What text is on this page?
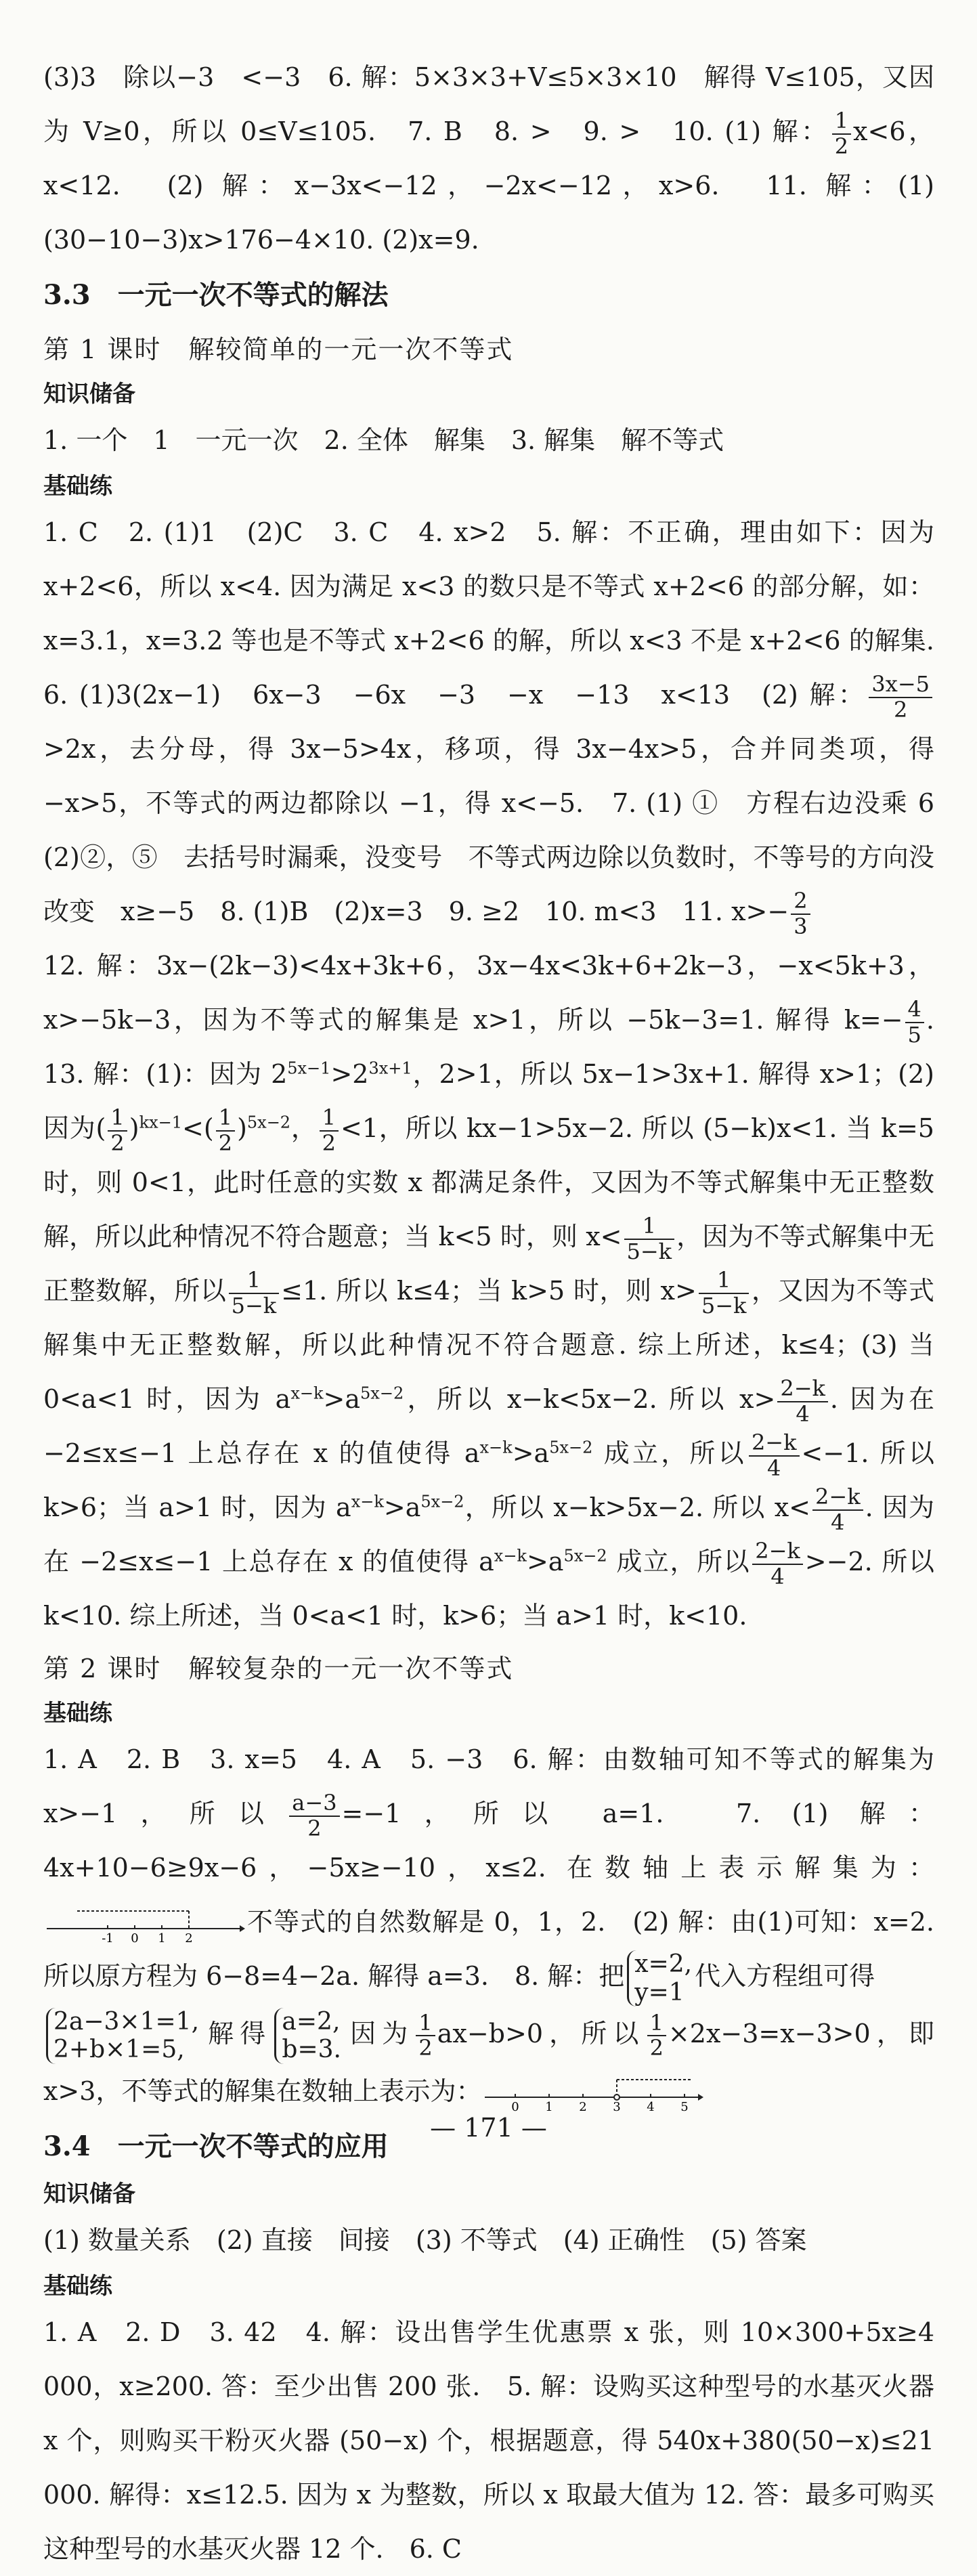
(3)3　除以−3　<−3　6. 解：5×3×3+V≤5×3×10　解得 V≤105，又因为 V≥0，所以 0≤V≤105.　7. B　8. >　9. >　10. (1) 解： $\frac{1}{2} x<6$，x<12.　(2) 解：x−3x<−12，−2x<−12，x>6.　11. 解：(1)(30−10−3)x>176−4×10. (2)x=9.

3.3　一元一次不等式的解法

第 1 课时　解较简单的一元一次不等式

知识储备

1. 一个　1　一元一次　2. 全体　解集　3. 解集　解不等式

基础练

1. C　2. (1)1　(2)C　3. C　4. x>2　5. 解：不正确，理由如下：因为 x+2<6，所以 x<4. 因为满足 x<3 的数只是不等式 x+2<6 的部分解，如：x=3.1，x=3.2 等也是不等式 x+2<6 的解，所以 x<3 不是 x+2<6 的解集.　6. (1)3(2x−1)　6x−3　−6x　−3　−x　−13　x<13　(2) 解： $\frac{3x-5}{2}$
>2x，去分母，得 3x−5>4x，移项，得 3x−4x>5，合并同类项，得 −x>5，不等式的两边都除以 −1，得 x<−5.　7. (1) ①　方程右边没乘 6　(2)②，⑤　去括号时漏乘，没变号　不等式两边除以负数时，不等号的方向没改变　x≥−5　8. (1)B　(2)x=3　9. ≥2　10. m<3　11. $x>- \frac{2}{3}$

12. 解：3x−(2k−3)<4x+3k+6，3x−4x<3k+6+2k−3，−x<5k+3，x>−5k−3，因为不等式的解集是 x>1，所以 −5k−3=1. 解得 $k=- \frac{4}{5}$ .　13. 解：(1)：因为 $2^{5x-1}>2^{3x+1}$，2>1，所以 5x−1>3x+1. 解得 x>1；(2) 因为( $\frac{1}{2} )^{kx-1}<( \frac{1}{2} )^{5x-2}$， $\frac{1}{2} <1$，所以 kx−1>5x−2. 所以 (5−k)x<1. 当 k=5 时，则 0<1，此时任意的实数 x 都满足条件，又因为不等式解集中无正整数解，所以此种情况不符合题意；当 k<5 时，则 $x< \frac{1}{5-k}$ ，因为不等式解集中无正整数解，所以 $\frac{1}{5-k} \le 1$. 所以 k≤4；当 k>5 时，则 $x> \frac{1}{5-k}$ ，又因为不等式解集中无正整数解，所以此种情况不符合题意. 综上所述，k≤4；(3) 当 0<a<1 时，因为 $a^{x-k}>a^{5x-2}$，所以 x−k<5x−2. 所以 $x> \frac{2-k}{4}$ . 因为在 −2≤x≤−1 上总存在 x 的值使得 $a^{x-k}>a^{5x-2}$ 成立，所以 $\frac{2-k}{4} <-1$. 所以 k>6；当 a>1 时，因为 $a^{x-k}>a^{5x-2}$，所以 x−k>5x−2. 所以 $x< \frac{2-k}{4}$ . 因为在 −2≤x≤−1 上总存在 x 的值使得 $a^{x-k}>a^{5x-2}$ 成立，所以 $\frac{2-k}{4} >-2$. 所以 k<10. 综上所述，当 0<a<1 时，k>6；当 a>1 时，k<10.

第 2 课时　解较复杂的一元一次不等式

基础练

1. A　2. B　3. x=5　4. A　5. −3　6. 解：由数轴可知不等式的解集为 x>−1，所以 $\frac{a-3}{2} =-1$，所以 a=1.　7. (1) 解：4x+10−6≥9x−6，−5x≥−10，x≤2. 在数轴上表示解集为：
-1 0 1 2
不等式的自然数解是 0，1，2.　(2) 解：由(1)可知：x=2. 所以原方程为 6−8=4−2a. 解得 a=3.　8. 解：把 x=2,
y=1
代入方程组可得

2a−3×1=1,
2+b×1=5,
解得 a=2,
b=3.
因为 $\frac{1}{2} ax-b>0$，所以 $\frac{1}{2} \times 2x-3=x-3>0$，即 x>3，不等式的解集在数轴上表示为：
0 1 2 3 4 5

3.4　一元一次不等式的应用

知识储备

(1) 数量关系　(2) 直接　间接　(3) 不等式　(4) 正确性　(5) 答案

基础练

1. A　2. D　3. 42　4. 解：设出售学生优惠票 x 张，则 10×300+5x≥4 000，x≥200. 答：至少出售 200 张.　5. 解：设购买这种型号的水基灭火器 x 个，则购买干粉灭火器 (50−x) 个，根据题意，得 540x+380(50−x)≤21 000. 解得：x≤12.5. 因为 x 为整数，所以 x 取最大值为 12. 答：最多可购买这种型号的水基灭火器 12 个.　6. C

— 171 —
